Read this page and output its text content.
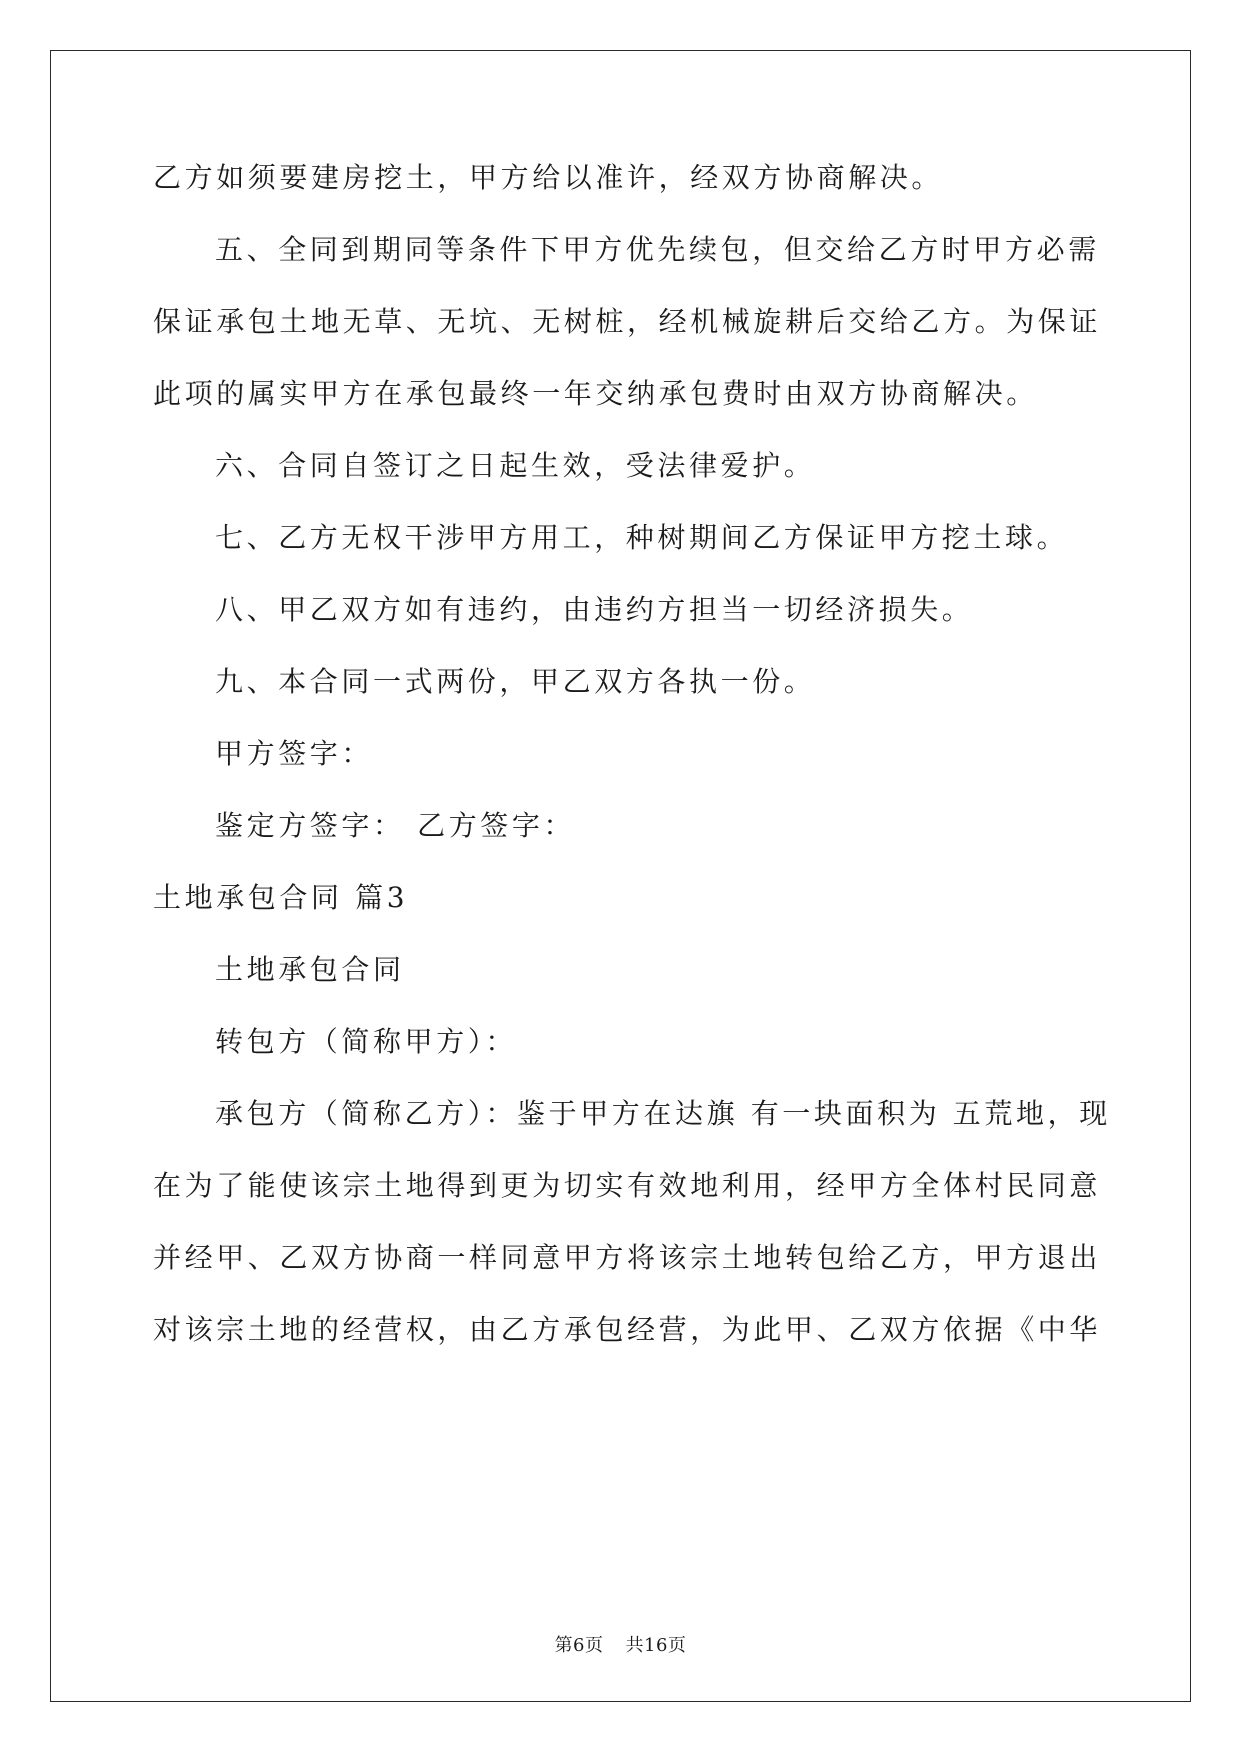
乙方如须要建房挖土，甲方给以准许，经双方协商解决。
五、全同到期同等条件下甲方优先续包，但交给乙方时甲方必需
保证承包土地无草、无坑、无树桩，经机械旋耕后交给乙方。为保证
此项的属实甲方在承包最终一年交纳承包费时由双方协商解决。
六、合同自签订之日起生效，受法律爱护。
七、乙方无权干涉甲方用工，种树期间乙方保证甲方挖土球。
八、甲乙双方如有违约，由违约方担当一切经济损失。
九、本合同一式两份，甲乙双方各执一份。
甲方签字：
鉴定方签字： 乙方签字：
土地承包合同 篇3
土地承包合同
转包方（简称甲方）：
承包方（简称乙方）：鉴于甲方在达旗 有一块面积为 五荒地，现
在为了能使该宗土地得到更为切实有效地利用，经甲方全体村民同意
并经甲、乙双方协商一样同意甲方将该宗土地转包给乙方，甲方退出
对该宗土地的经营权，由乙方承包经营，为此甲、乙双方依据《中华
第6页 共16页
